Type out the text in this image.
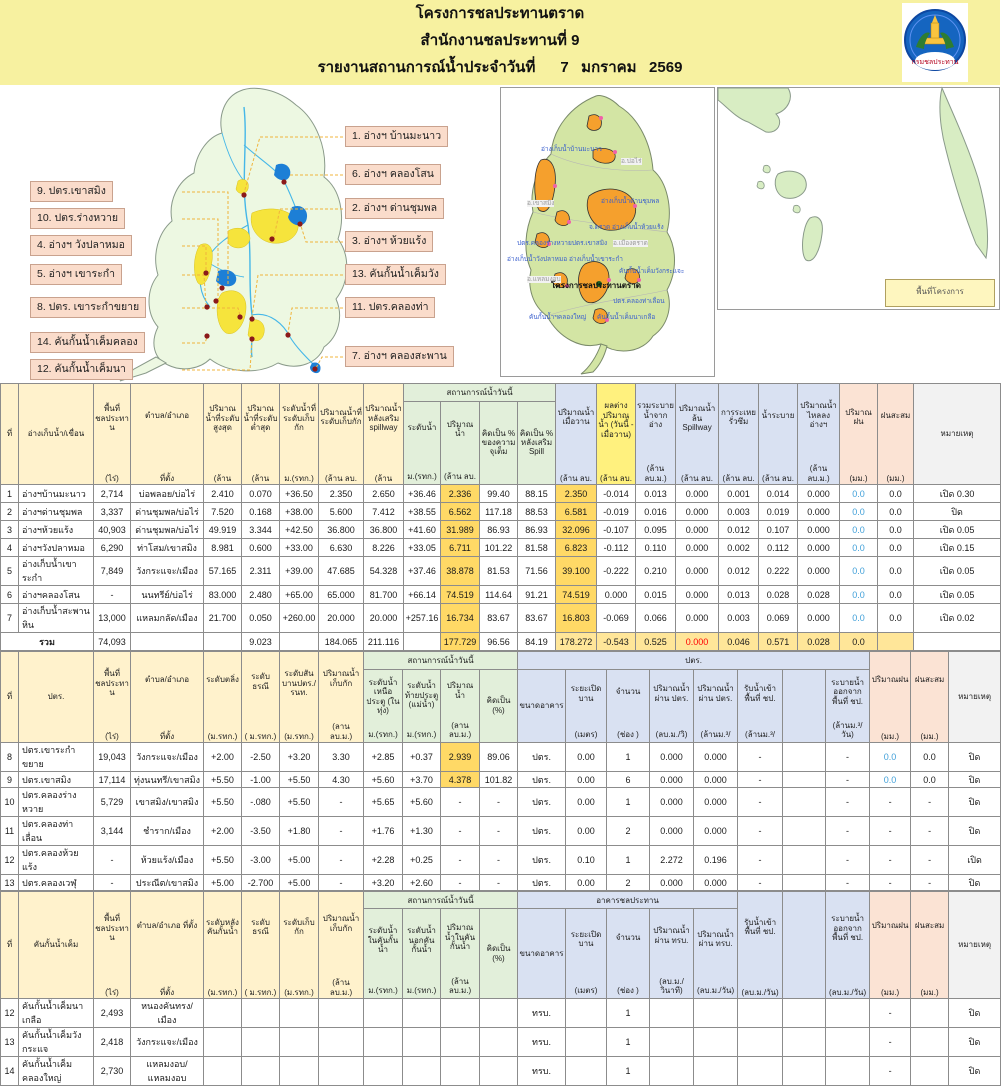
โครงการชลประทานตราด
สำนักงานชลประทานที่ 9
รายงานสถานการณ์น้ำประจำวันที่      7   มกราคม   2569	กรมชลประทาน
9. ปตร.เขาสมิง
10. ปตร.ร่างหวาย
4. อ่างฯ วังปลาหมอ
5. อ่างฯ เขาระกำ
8. ปตร. เขาระกำขยาย
14. คันกั้นน้ำเค็มคลอง
12. คันกั้นน้ำเค็มนา
1. อ่างฯ บ้านมะนาว
6. อ่างฯ คลองโสน
2. อ่างฯ ด่านชุมพล
3. อ่างฯ ห้วยแร้ง
13. คันกั้นน้ำเค็มวัง
11. ปตร.คลองท่า
7. อ่างฯ คลองสะพาน
อ่างเก็บน้ำบ้านมะนาว
อ.บ่อไร่
อ.เขาสมิง	อ่างเก็บน้ำด่านชุมพล
จ.ตราด อ่างเก็บน้ำห้วยแร้ง
อ.เมืองตราด
ปตร.คลองร่างหวายปตร.เขาสมิง
อ่างเก็บน้ำวังปลาหมอ อ่างเก็บน้ำเขาระกำ
คันกั้นน้ำเค็มวังกระแจะ
อ.แหลมงอบ
โครงการชลประทานตราด
ปตร.คลองท่าเลื่อน
คันกั้นน้ำฯคลองใหญ่ คันกั้นน้ำเค็มนาเกลือ
พื้นที่โครงการ
ที่	อ่างเก็บน้ำ/เขื่อน

พื้นที่ชลประทาน
(ไร่)

ตำบล/อำเภอ
ที่ตั้ง

ปริมาณน้ำที่ระดับสูงสุด
(ล้าน

ปริมาณน้ำที่ระดับต่ำสุด
(ล้าน

ระดับน้ำที่ระดับเก็บกัก
ม.(รทก.)

ปริมาณน้ำที่ระดับเก็บกัก
(ล้าน ลบ.

ปริมาณน้ำหลังเสริม spillway
(ล้าน

สถานการณ์น้ำวันนี้

ปริมาณน้ำเมื่อวาน
(ล้าน ลบ.

ผลต่างปริมาณน้ำ (วันนี้ - เมื่อวาน)
(ล้าน ลบ.

รวมระบายน้ำจากอ่าง
(ล้าน ลบ.ม.)

ปริมาณน้ำล้น Spillway
(ล้าน ลบ.

การระเหยรั่วซึม
(ล้าน ลบ.

น้ำระบาย
(ล้าน ลบ.

ปริมาณน้ำไหลลงอ่างฯ
(ล้าน ลบ.ม.)

ปริมาณฝน
(มม.)

ฝนสะสม
(มม.)

หมายเหตุ

ระดับน้ำ
ม.(รทก.)

ปริมาณน้ำ
(ล้าน ลบ.

คิดเป็น % ของความจุเต็ม

คิดเป็น % หลังเสริม Spill

1	อ่างฯบ้านมะนาว	2,714	บ่อพลอย/บ่อไร่	2.410	0.070	+36.50	2.350	2.650	+36.46	2.336	99.40	88.15	2.350	-0.014	0.013	0.000	0.001	0.014	0.000	0.0	0.0	เปิด 0.30
2	อ่างฯด่านชุมพล	3,337	ด่านชุมพล/บ่อไร่	7.520	0.168	+38.00	5.600	7.412	+38.55	6.562	117.18	88.53	6.581	-0.019	0.016	0.000	0.003	0.019	0.000	0.0	0.0	ปิด
3	อ่างฯห้วยแร้ง	40,903	ด่านชุมพล/บ่อไร่	49.919	3.344	+42.50	36.800	36.800	+41.60	31.989	86.93	86.93	32.096	-0.107	0.095	0.000	0.012	0.107	0.000	0.0	0.0	เปิด 0.05
4	อ่างฯวังปลาหมอ	6,290	ท่าโสม/เขาสมิง	8.981	0.600	+33.00	6.630	8.226	+33.05	6.711	101.22	81.58	6.823	-0.112	0.110	0.000	0.002	0.112	0.000	0.0	0.0	เปิด 0.15
5	อ่างเก็บน้ำเขาระกำ	7,849	วังกระแจะ/เมือง	57.165	2.311	+39.00	47.685	54.328	+37.46	38.878	81.53	71.56	39.100	-0.222	0.210	0.000	0.012	0.222	0.000	0.0	0.0	เปิด 0.05
6	อ่างฯคลองโสน	-	นนทรีย์/บ่อไร่	83.000	2.480	+65.00	65.000	81.700	+66.14	74.519	114.64	91.21	74.519	0.000	0.015	0.000	0.013	0.028	0.028	0.0	0.0	เปิด 0.05
7	อ่างเก็บน้ำสะพานหิน	13,000	แหลมกลัด/เมือง	21.700	0.050	+260.00	20.000	20.000	+257.16	16.734	83.67	83.67	16.803	-0.069	0.066	0.000	0.003	0.069	0.000	0.0	0.0	เปิด 0.02
รวม		74,093			9.023		184.065	211.116		177.729	96.56	84.19	178.272	-0.543	0.525	0.000	0.046	0.571	0.028	0.0		
ที่	ปตร.

พื้นที่ชลประทาน
(ไร่)

ตำบล/อำเภอ
ที่ตั้ง

ระดับตลิ่ง
(ม.รทก.)

ระดับธรณี
( ม.รทก.)

ระดับสันบานปตร./รนท.
(ม.รทก.)

ปริมาณน้ำเก็บกัก
(ลาน ลบ.ม.)

สถานการณ์น้ำวันนี้	ปตร.

ปริมาณฝน
(มม.)

ฝนสะสม
(มม.)

หมายเหตุ

ระดับน้ำเหนือประตู (ในทุ่ง)
ม.(รทก.)

ระดับน้ำท้ายประตู (แม่น้ำ)
ม.(รทก.)

ปริมาณน้ำ
(ลาน ลบ.ม.)

คิดเป็น (%)

ขนาดอาคาร

ระยะเปิด บาน
(เมตร)

จำนวน
(ช่อง )

ปริมาณน้ำผ่าน ปตร.
(ลบ.ม./วิ)

ปริมาณน้ำผ่าน ปตร.
(ล้านม.³/

รับน้ำเข้าพื้นที่ ชป.
(ล้านม.³/

ระบายน้ำออกจากพื้นที่ ชป.
(ล้านม.³/วัน)

8	ปตร.เขาระกำขยาย	19,043	วังกระแจะ/เมือง	+2.00	-2.50	+3.20	3.30	+2.85	+0.37	2.939	89.06	ปตร.	0.00	1	0.000	0.000	-		-	0.0	0.0	ปิด
9	ปตร.เขาสมิง	17,114	ทุ่งนนทรี/เขาสมิง	+5.50	-1.00	+5.50	4.30	+5.60	+3.70	4.378	101.82	ปตร.	0.00	6	0.000	0.000	-		-	0.0	0.0	ปิด
10	ปตร.คลองร่างหวาย	5,729	เขาสมิง/เขาสมิง	+5.50	-.080	+5.50	-	+5.65	+5.60	-	-	ปตร.	0.00	1	0.000	0.000	-		-	-	-	ปิด
11	ปตร.คลองท่าเลื่อน	3,144	ชำราก/เมือง	+2.00	-3.50	+1.80	-	+1.76	+1.30	-	-	ปตร.	0.00	2	0.000	0.000	-		-	-	-	ปิด
12	ปตร.คลองห้วยแร้ง	-	ห้วยแร้ง/เมือง	+5.50	-3.00	+5.00	-	+2.28	+0.25	-	-	ปตร.	0.10	1	2.272	0.196	-		-	-	-	เปิด
13	ปตร.คลองเวฬุ	-	ประณีต/เขาสมิง	+5.00	-2.700	+5.00	-	+3.20	+2.60	-	-	ปตร.	0.00	2	0.000	0.000	-		-	-	-	ปิด
ที่	คันกั้นน้ำเค็ม

พื้นที่ชลประทาน
(ไร่)

ตำบล/อำเภอ ที่ตั้ง
ที่ตั้ง

ระดับหลังคันกั้นน้ำ
(ม.รทก.)

ระดับธรณี
( ม.รทก.)

ระดับเก็บกัก
(ม.รทก.)

ปริมาณน้ำเก็บกัก
(ล้าน ลบ.ม.)

สถานการณ์น้ำวันนี้	อาคารชลประทาน

รับน้ำเข้าพื้นที่ ชป.
(ลบ.ม./วัน)

ระบายน้ำออกจากพื้นที่ ชป.
(ลบ.ม./วัน)

ปริมาณฝน
(มม.)

ฝนสะสม
(มม.)

หมายเหตุ

ระดับน้ำในคันกั้นน้ำ
ม.(รทก.)

ระดับน้ำนอกคันกั้นน้ำ
ม.(รทก.)

ปริมาณน้ำในคันกั้นน้ำ
(ล้าน ลบ.ม.)

คิดเป็น (%)

ขนาดอาคาร

ระยะเปิดบาน
(เมตร)

จำนวน
(ช่อง )

ปริมาณน้ำผ่าน ทรบ.
(ลบ.ม./วินาที)

ปริมาณน้ำผ่าน ทรบ.
(ลบ.ม./วัน)

12	คันกั้นน้ำเค็มนาเกลือ	2,493	หนองคันทรง/เมือง									ทรบ.		1						-		ปิด
13	คันกั้นน้ำเค็มวังกระแจ	2,418	วังกระแจะ/เมือง									ทรบ.		1						-		ปิด
14	คันกั้นน้ำเค็มคลองใหญ่	2,730	แหลมงอบ/แหลมงอบ									ทรบ.		1						-		ปิด
